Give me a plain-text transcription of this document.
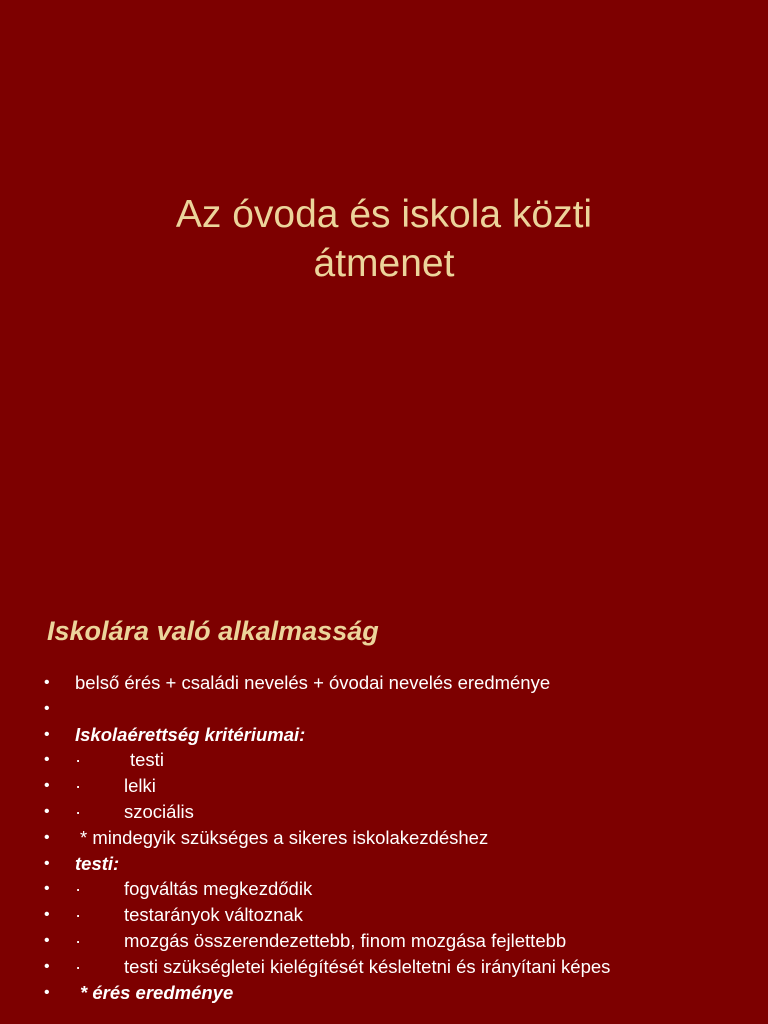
Az óvoda és iskola közti
átmenet
Iskolára való alkalmasság
• belső érés + családi nevelés + óvodai nevelés eredménye
•
• Iskolaérettség kritériumai:
• ·	testi
• · lelki
• · szociális
• * mindegyik szükséges a sikeres iskolakezdéshez
• testi:
• · fogváltás megkezdődik
• · testarányok változnak
• · mozgás összerendezettebb, finom mozgása fejlettebb
• · testi szükségletei kielégítését késleltetni és irányítani képes
• * érés eredménye
